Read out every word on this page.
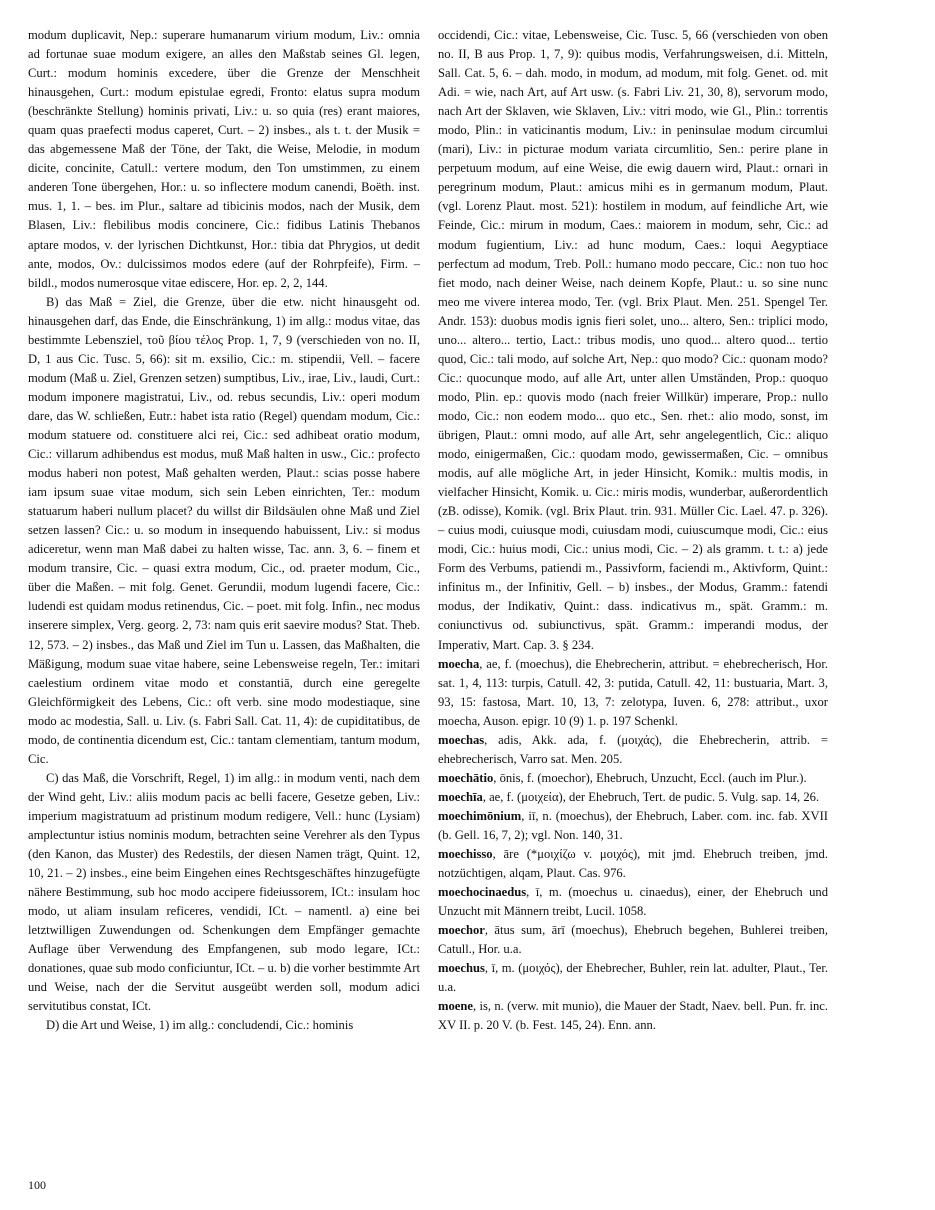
modum duplicavit, Nep.: superare humanarum virium modum, Liv.: omnia ad fortunae suae modum exigere, an alles den Maßstab seines Gl. legen, Curt.: modum hominis excedere, über die Grenze der Menschheit hinausgehen, Curt.: modum epistulae egredi, Fronto: elatus supra modum (beschränkte Stellung) hominis privati, Liv.: u. so quia (res) erant maiores, quam quas praefecti modus caperet, Curt. – 2) insbes., als t. t. der Musik = das abgemessene Maß der Töne, der Takt, die Weise, Melodie, in modum dicite, concinite, Catull.: vertere modum, den Ton umstimmen, zu einem anderen Tone übergehen, Hor.: u. so inflectere modum canendi, Boëth. inst. mus. 1, 1. – bes. im Plur., saltare ad tibicinis modos, nach der Musik, dem Blasen, Liv.: flebilibus modis concinere, Cic.: fidibus Latinis Thebanos aptare modos, v. der lyrischen Dichtkunst, Hor.: tibia dat Phrygios, ut dedit ante, modos, Ov.: dulcissimos modos edere (auf der Rohrpfeife), Firm. – bildl., modos numerosque vitae ediscere, Hor. ep. 2, 2, 144.

B) das Maß = Ziel, die Grenze, über die etw. nicht hinausgeht od. hinausgehen darf, das Ende, die Einschränkung, 1) im allg.: modus vitae, das bestimmte Lebensziel, τοῦ βίου τέλος Prop. 1, 7, 9 (verschieden von no. II, D, 1 aus Cic. Tusc. 5, 66): sit m. exsilio, Cic.: m. stipendii, Vell. – facere modum (Maß u. Ziel, Grenzen setzen) sumptibus, Liv., irae, Liv., laudi, Curt.: modum imponere magistratui, Liv., od. rebus secundis, Liv.: operi modum dare, das W. schließen, Eutr.: habet ista ratio (Regel) quendam modum, Cic.: modum statuere od. constituere alci rei, Cic.: sed adhibeat oratio modum, Cic.: villarum adhibendus est modus, muß Maß halten in usw., Cic.: profecto modus haberi non potest, Maß gehalten werden, Plaut.: scias posse habere iam ipsum suae vitae modum, sich sein Leben einrichten, Ter.: modum statuarum haberi nullum placet? du willst dir Bildsäulen ohne Maß und Ziel setzen lassen? Cic.: u. so modum in insequendo habuissent, Liv.: si modus adiceretur, wenn man Maß dabei zu halten wisse, Tac. ann. 3, 6. – finem et modum transire, Cic. – quasi extra modum, Cic., od. praeter modum, Cic., über die Maßen. – mit folg. Genet. Gerundii, modum lugendi facere, Cic.: ludendi est quidam modus retinendus, Cic. – poet. mit folg. Infin., nec modus inserere simplex, Verg. georg. 2, 73: nam quis erit saevire modus? Stat. Theb. 12, 573. – 2) insbes., das Maß und Ziel im Tun u. Lassen, das Maßhalten, die Mäßigung, modum suae vitae habere, seine Lebensweise regeln, Ter.: imitari caelestium ordinem vitae modo et constantiā, durch eine geregelte Gleichförmigkeit des Lebens, Cic.: oft verb. sine modo modestiaque, sine modo ac modestia, Sall. u. Liv. (s. Fabri Sall. Cat. 11, 4): de cupiditatibus, de modo, de continentia dicendum est, Cic.: tantam clementiam, tantum modum, Cic.

C) das Maß, die Vorschrift, Regel, 1) im allg.: in modum venti, nach dem der Wind geht, Liv.: aliis modum pacis ac belli facere, Gesetze geben, Liv.: imperium magistratuum ad pristinum modum redigere, Vell.: hunc (Lysiam) amplectuntur istius nominis modum, betrachten seine Verehrer als den Typus (den Kanon, das Muster) des Redestils, der diesen Namen trägt, Quint. 12, 10, 21. – 2) insbes., eine beim Eingehen eines Rechtsgeschäftes hinzugefügte nähere Bestimmung, sub hoc modo accipere fideiussorem, ICt.: insulam hoc modo, ut aliam insulam reficeres, vendidi, ICt. – namentl. a) eine bei letztwilligen Zuwendungen od. Schenkungen dem Empfänger gemachte Auflage über Verwendung des Empfangenen, sub modo legare, ICt.: donationes, quae sub modo conficiuntur, ICt. – u. b) die vorher bestimmte Art und Weise, nach der die Servitut ausgeübt werden soll, modum adici servitutibus constat, ICt.

D) die Art und Weise, 1) im allg.: concludendi, Cic.: hominis

occidendi, Cic.: vitae, Lebensweise, Cic. Tusc. 5, 66 (verschieden von oben no. II, B aus Prop. 1, 7, 9): quibus modis, Verfahrungsweisen, d.i. Mitteln, Sall. Cat. 5, 6. – dah. modo, in modum, ad modum, mit folg. Genet. od. mit Adi. = wie, nach Art, auf Art usw. (s. Fabri Liv. 21, 30, 8), servorum modo, nach Art der Sklaven, wie Sklaven, Liv.: vitri modo, wie Gl., Plin.: torrentis modo, Plin.: in vaticinantis modum, Liv.: in peninsulae modum circumlui (mari), Liv.: in picturae modum variata circumlitio, Sen.: perire plane in perpetuum modum, auf eine Weise, die ewig dauern wird, Plaut.: ornari in peregrinum modum, Plaut.: amicus mihi es in germanum modum, Plaut. (vgl. Lorenz Plaut. most. 521): hostilem in modum, auf feindliche Art, wie Feinde, Cic.: mirum in modum, Caes.: maiorem in modum, sehr, Cic.: ad modum fugientium, Liv.: ad hunc modum, Caes.: loqui Aegyptiace perfectum ad modum, Treb. Poll.: humano modo peccare, Cic.: non tuo hoc fiet modo, nach deiner Weise, nach deinem Kopfe, Plaut.: u. so sine nunc meo me vivere interea modo, Ter. (vgl. Brix Plaut. Men. 251. Spengel Ter. Andr. 153): duobus modis ignis fieri solet, uno... altero, Sen.: triplici modo, uno... altero... tertio, Lact.: tribus modis, uno quod... altero quod... tertio quod, Cic.: tali modo, auf solche Art, Nep.: quo modo? Cic.: quonam modo? Cic.: quocunque modo, auf alle Art, unter allen Umständen, Prop.: quoquo modo, Plin. ep.: quovis modo (nach freier Willkür) imperare, Prop.: nullo modo, Cic.: non eodem modo... quo etc., Sen. rhet.: alio modo, sonst, im übrigen, Plaut.: omni modo, auf alle Art, sehr angelegentlich, Cic.: aliquo modo, einigermaßen, Cic.: quodam modo, gewissermaßen, Cic. – omnibus modis, auf alle mögliche Art, in jeder Hinsicht, Komik.: multis modis, in vielfacher Hinsicht, Komik. u. Cic.: miris modis, wunderbar, außerordentlich (zB. odisse), Komik. (vgl. Brix Plaut. trin. 931. Müller Cic. Lael. 47. p. 326). – cuius modi, cuiusque modi, cuiusdam modi, cuiuscumque modi, Cic.: eius modi, Cic.: huius modi, Cic.: unius modi, Cic. – 2) als gramm. t. t.: a) jede Form des Verbums, patiendi m., Passivform, faciendi m., Aktivform, Quint.: infinitus m., der Infinitiv, Gell. – b) insbes., der Modus, Gramm.: fatendi modus, der Indikativ, Quint.: dass. indicativus m., spät. Gramm.: m. coniunctivus od. subiunctivus, spät. Gramm.: imperandi modus, der Imperativ, Mart. Cap. 3. § 234.

moecha, ae, f. (moechus), die Ehebrecherin, attribut. = ehebrecherisch, Hor. sat. 1, 4, 113: turpis, Catull. 42, 3: putida, Catull. 42, 11: bustuaria, Mart. 3, 93, 15: fastosa, Mart. 10, 13, 7: zelotypa, Iuven. 6, 278: attribut., uxor moecha, Auson. epigr. 10 (9) 1. p. 197 Schenkl.

moechas, adis, Akk. ada, f. (μοιχάς), die Ehebrecherin, attrib. = ehebrecherisch, Varro sat. Men. 205.

moechātio, ōnis, f. (moechor), Ehebruch, Unzucht, Eccl. (auch im Plur.).

moechīa, ae, f. (μοιχεία), der Ehebruch, Tert. de pudic. 5. Vulg. sap. 14, 26.

moechimōnium, iī, n. (moechus), der Ehebruch, Laber. com. inc. fab. XVII (b. Gell. 16, 7, 2); vgl. Non. 140, 31.

moechisso, āre (*μοιχίζω v. μοιχός), mit jmd. Ehebruch treiben, jmd. notzüchtigen, alqam, Plaut. Cas. 976.

moechocinaedus, ī, m. (moechus u. cinaedus), einer, der Ehebruch und Unzucht mit Männern treibt, Lucil. 1058.

moechor, ātus sum, ārī (moechus), Ehebruch begehen, Buhlerei treiben, Catull., Hor. u.a.

moechus, ī, m. (μοιχός), der Ehebrecher, Buhler, rein lat. adulter, Plaut., Ter. u.a.

moene, is, n. (verw. mit munio), die Mauer der Stadt, Naev. bell. Pun. fr. inc. XV II. p. 20 V. (b. Fest. 145, 24). Enn. ann.

100
